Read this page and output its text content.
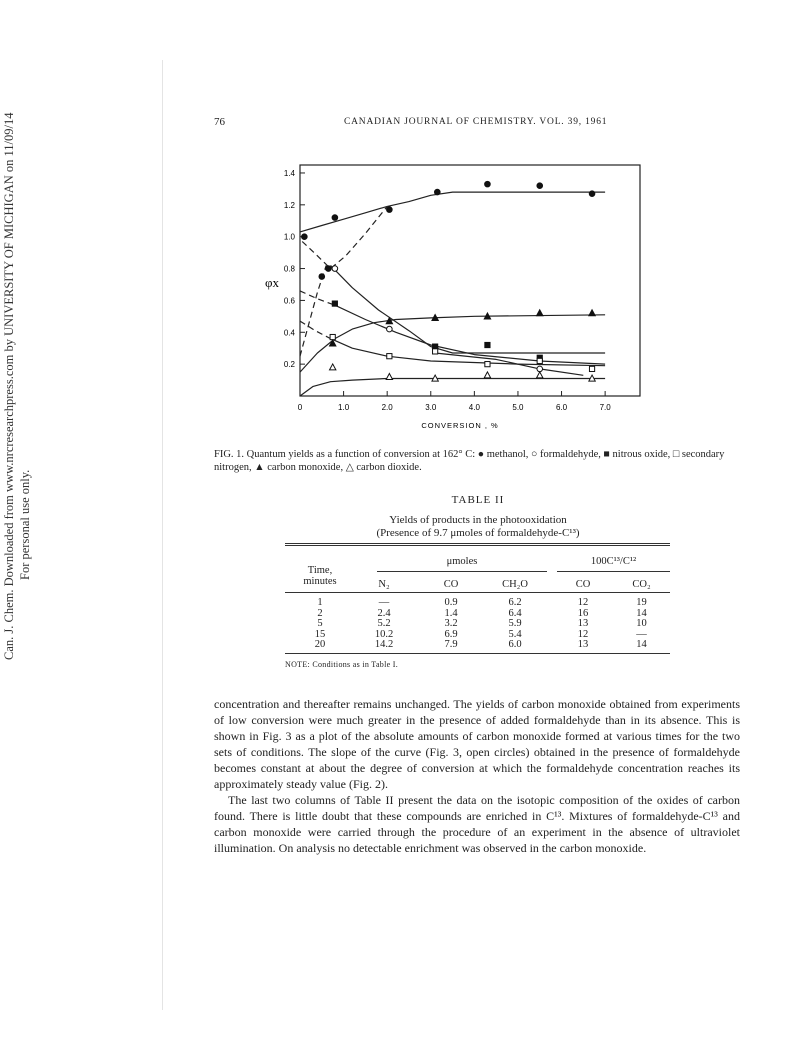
Can. J. Chem. Downloaded from www.nrcresearchpress.com by UNIVERSITY OF MICHIGAN on 11/09/14 For personal use only.
76	CANADIAN JOURNAL OF CHEMISTRY. VOL. 39, 1961
0	1.0	2.0	3.0	4.0	5.0	6.0	7.0
0.2
0.4
0.6
0.8
1.0
1.2
1.4
φx
CONVERSION , %
FIG. 1. Quantum yields as a function of conversion at 162° C: ● methanol, ○ formaldehyde, ■ nitrous oxide, □ secondary nitrogen, ▲ carbon monoxide, △ carbon dioxide.
TABLE II
Yields of products in the photooxidation
(Presence of 9.7 μmoles of formaldehyde-C¹³)
μmoles	100C¹³/C¹²
Time,
minutes	N₂	CO	CH₂O	CO	CO₂
1	—	0.9	6.2	12	19
2	2.4	1.4	6.4	16	14
5	5.2	3.2	5.9	13	10
15	10.2	6.9	5.4	12	—
20	14.2	7.9	6.0	13	14
NOTE: Conditions as in Table I.

concentration and thereafter remains unchanged. The yields of carbon monoxide obtained from experiments of low conversion were much greater in the presence of added formaldehyde than in its absence. This is shown in Fig. 3 as a plot of the absolute amounts of carbon monoxide formed at various times for the two sets of conditions. The slope of the curve (Fig. 3, open circles) obtained in the presence of formaldehyde becomes constant at about the degree of conversion at which the formaldehyde concentration reaches its approximately steady value (Fig. 2).

The last two columns of Table II present the data on the isotopic composition of the oxides of carbon found. There is little doubt that these compounds are enriched in C¹³. Mixtures of formaldehyde-C¹³ and carbon monoxide were carried through the procedure of an experiment in the absence of ultraviolet illumination. On analysis no detectable enrichment was observed in the carbon monoxide.
